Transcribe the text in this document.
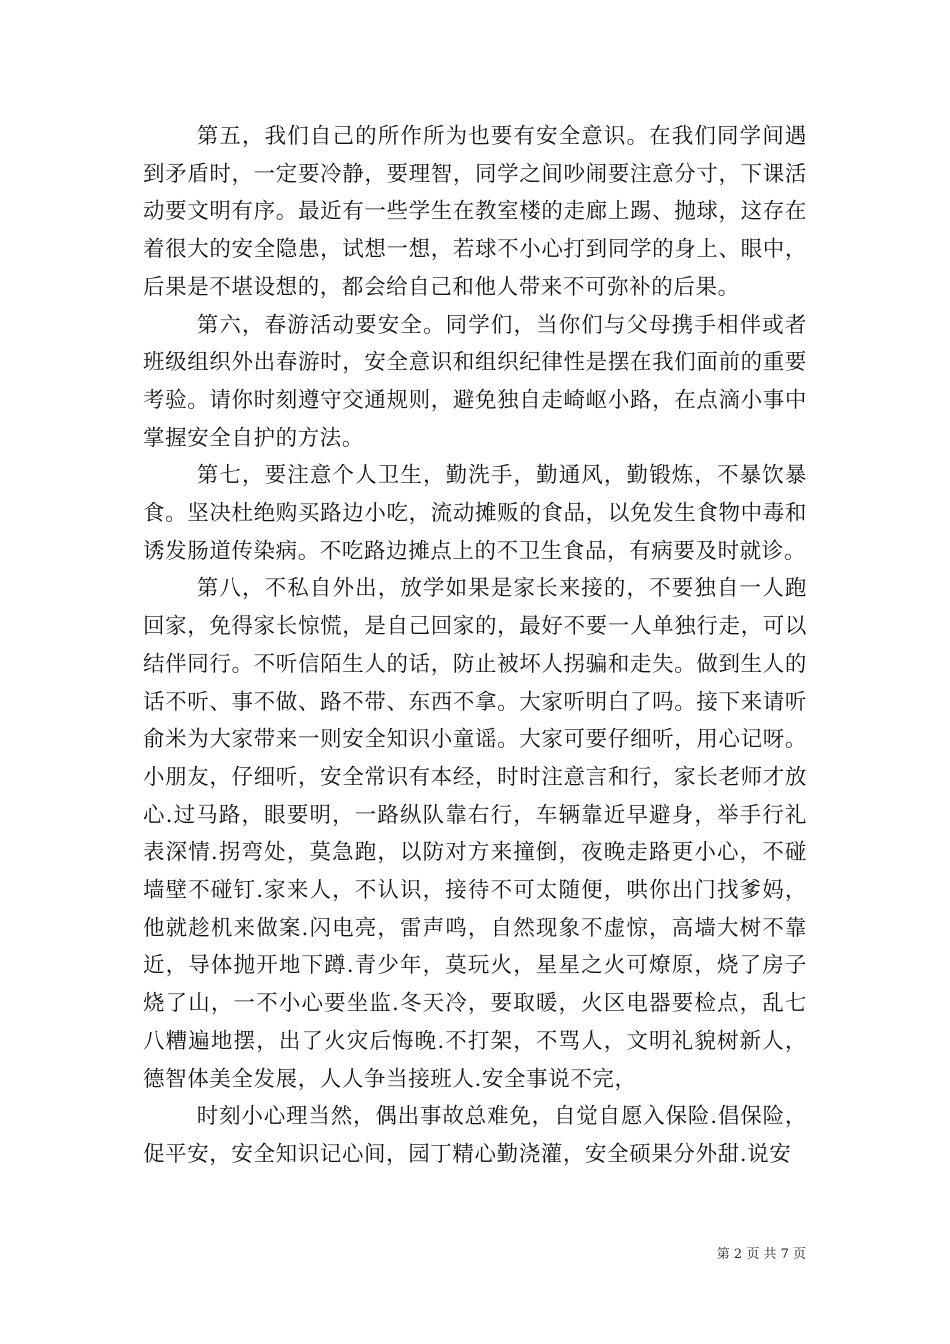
第五，我们自己的所作所为也要有安全意识。在我们同学间遇到矛盾时，一定要冷静，要理智，同学之间吵闹要注意分寸，下课活动要文明有序。最近有一些学生在教室楼的走廊上踢、抛球，这存在着很大的安全隐患，试想一想，若球不小心打到同学的身上、眼中，后果是不堪设想的，都会给自己和他人带来不可弥补的后果。

第六，春游活动要安全。同学们，当你们与父母携手相伴或者班级组织外出春游时，安全意识和组织纪律性是摆在我们面前的重要考验。请你时刻遵守交通规则，避免独自走崎岖小路，在点滴小事中掌握安全自护的方法。

第七，要注意个人卫生，勤洗手，勤通风，勤锻炼，不暴饮暴食。坚决杜绝购买路边小吃，流动摊贩的食品，以免发生食物中毒和诱发肠道传染病。不吃路边摊点上的不卫生食品，有病要及时就诊。

第八，不私自外出，放学如果是家长来接的，不要独自一人跑回家，免得家长惊慌，是自己回家的，最好不要一人单独行走，可以结伴同行。不听信陌生人的话，防止被坏人拐骗和走失。做到生人的话不听、事不做、路不带、东西不拿。大家听明白了吗。接下来请听俞米为大家带来一则安全知识小童谣。大家可要仔细听，用心记呀。小朋友，仔细听，安全常识有本经，时时注意言和行，家长老师才放心.过马路，眼要明，一路纵队靠右行，车辆靠近早避身，举手行礼表深情.拐弯处，莫急跑，以防对方来撞倒，夜晚走路更小心，不碰墙壁不碰钉.家来人，不认识，接待不可太随便，哄你出门找爹妈，他就趁机来做案.闪电亮，雷声鸣，自然现象不虚惊，高墙大树不靠近，导体抛开地下蹲.青少年，莫玩火，星星之火可燎原，烧了房子烧了山，一不小心要坐监.冬天冷，要取暖，火区电器要检点，乱七八糟遍地摆，出了火灾后悔晚.不打架，不骂人，文明礼貌树新人，德智体美全发展，人人争当接班人.安全事说不完，

时刻小心理当然，偶出事故总难免，自觉自愿入保险.倡保险，促平安，安全知识记心间，园丁精心勤浇灌，安全硕果分外甜.说安

第 2 页 共 7 页
